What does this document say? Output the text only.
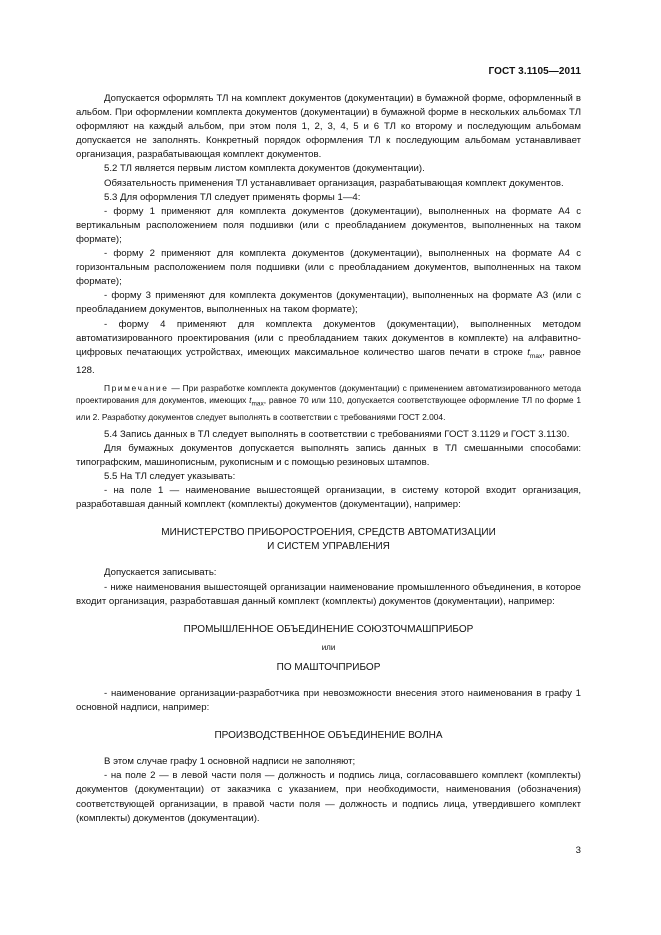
ГОСТ 3.1105—2011

Допускается оформлять ТЛ на комплект документов (документации) в бумажной форме, оформленный в альбом. При оформлении комплекта документов (документации) в бумажной форме в нескольких альбомах ТЛ оформляют на каждый альбом, при этом поля 1, 2, 3, 4, 5 и 6 ТЛ ко второму и последующим альбомам допускается не заполнять. Конкретный порядок оформления ТЛ к последующим альбомам устанавливает организация, разрабатывающая комплект документов.

5.2 ТЛ является первым листом комплекта документов (документации).

Обязательность применения ТЛ устанавливает организация, разрабатывающая комплект документов.

5.3 Для оформления ТЛ следует применять формы 1—4:

- форму 1 применяют для комплекта документов (документации), выполненных на формате А4 с вертикальным расположением поля подшивки (или с преобладанием документов, выполненных на таком формате);

- форму 2 применяют для комплекта документов (документации), выполненных на формате А4 с горизонтальным расположением поля подшивки (или с преобладанием документов, выполненных на таком формате);

- форму 3 применяют для комплекта документов (документации), выполненных на формате А3 (или с преобладанием документов, выполненных на таком формате);

- форму 4 применяют для комплекта документов (документации), выполненных методом автоматизированного проектирования (или с преобладанием таких документов в комплекте) на алфавитно-цифровых печатающих устройствах, имеющих максимальное количество шагов печати в строке $t_{max}$, равное 128.

Примечание — При разработке комплекта документов (документации) с применением автоматизированного метода проектирования для документов, имеющих $t_{max}$, равное 70 или 110, допускается соответствующее оформление ТЛ по форме 1 или 2. Разработку документов следует выполнять в соответствии с требованиями ГОСТ 2.004.

5.4 Запись данных в ТЛ следует выполнять в соответствии с требованиями ГОСТ 3.1129 и ГОСТ 3.1130.

Для бумажных документов допускается выполнять запись данных в ТЛ смешанными способами: типографским, машинописным, рукописным и с помощью резиновых штампов.

5.5 На ТЛ следует указывать:

- на поле 1 — наименование вышестоящей организации, в систему которой входит организация, разработавшая данный комплект (комплекты) документов (документации), например:

МИНИСТЕРСТВО ПРИБОРОСТРОЕНИЯ, СРЕДСТВ АВТОМАТИЗАЦИИ
И СИСТЕМ УПРАВЛЕНИЯ

Допускается записывать:

- ниже наименования вышестоящей организации наименование промышленного объединения, в которое входит организация, разработавшая данный комплект (комплекты) документов (документации), например:

ПРОМЫШЛЕННОЕ ОБЪЕДИНЕНИЕ СОЮЗТОЧМАШПРИБОР

или

ПО МАШТОЧПРИБОР

- наименование организации-разработчика при невозможности внесения этого наименования в графу 1 основной надписи, например:

ПРОИЗВОДСТВЕННОЕ ОБЪЕДИНЕНИЕ ВОЛНА

В этом случае графу 1 основной надписи не заполняют;

- на поле 2 — в левой части поля — должность и подпись лица, согласовавшего комплект (комплекты) документов (документации) от заказчика с указанием, при необходимости, наименования (обозначения) соответствующей организации, в правой части поля — должность и подпись лица, утвердившего комплект (комплекты) документов (документации).

3
